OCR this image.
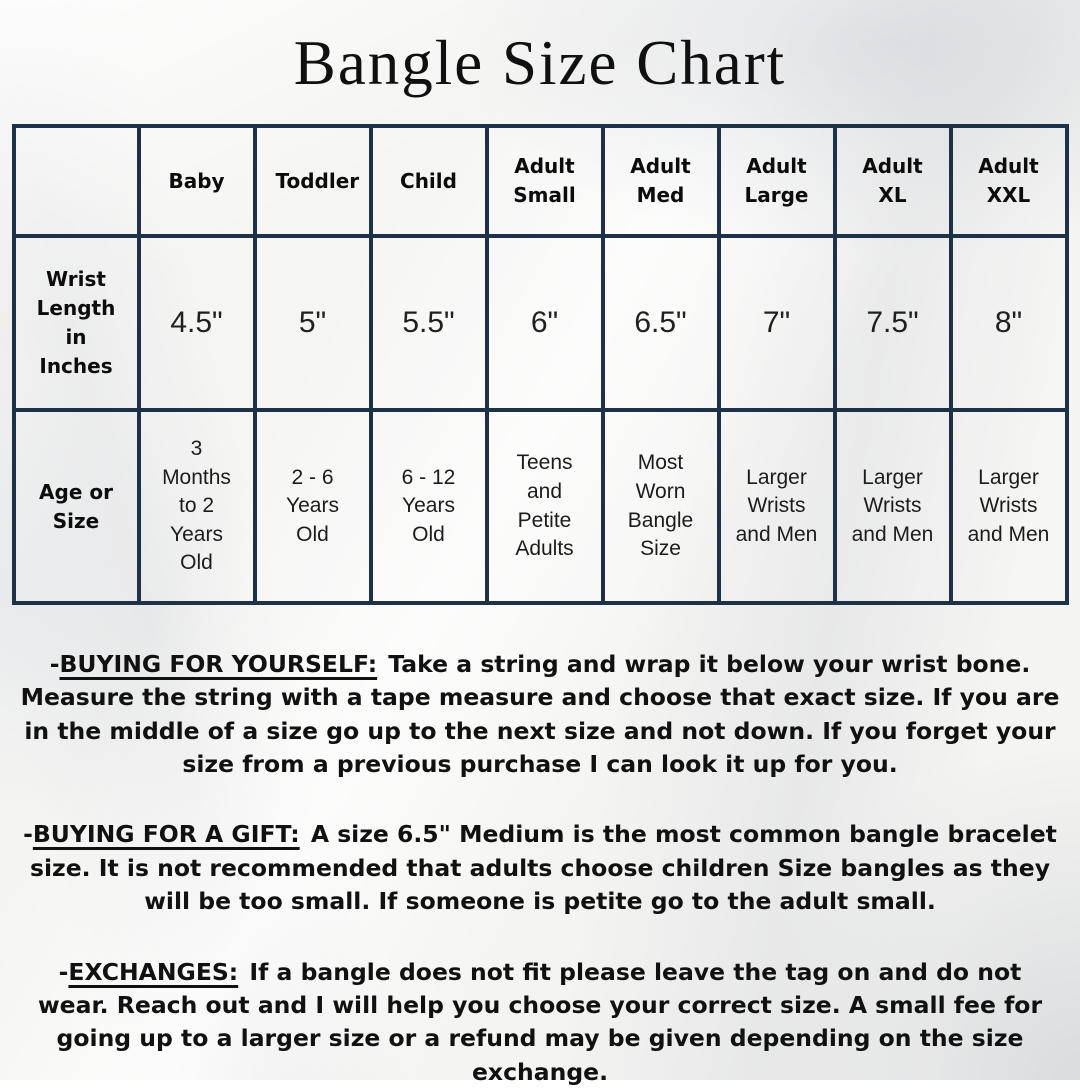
Bangle Size Chart

	Baby	Toddler	Child	Adult Small	Adult Med	Adult Large	Adult XL	Adult XXL

Wrist Length in Inches	4.5"	5"	5.5"	6"	6.5"	7"	7.5"	8"

Age or Size	3 Months to 2 Years Old	2 - 6 Years Old	6 - 12 Years Old	Teens and Petite Adults	Most Worn Bangle Size	Larger Wrists and Men	Larger Wrists and Men	Larger Wrists and Men

-BUYING FOR YOURSELF: Take a string and wrap it below your wrist bone. Measure the string with a tape measure and choose that exact size. If you are in the middle of a size go up to the next size and not down. If you forget your size from a previous purchase I can look it up for you.

-BUYING FOR A GIFT: A size 6.5" Medium is the most common bangle bracelet size. It is not recommended that adults choose children Size bangles as they will be too small. If someone is petite go to the adult small.

-EXCHANGES: If a bangle does not fit please leave the tag on and do not wear. Reach out and I will help you choose your correct size. A small fee for going up to a larger size or a refund may be given depending on the size exchange.
